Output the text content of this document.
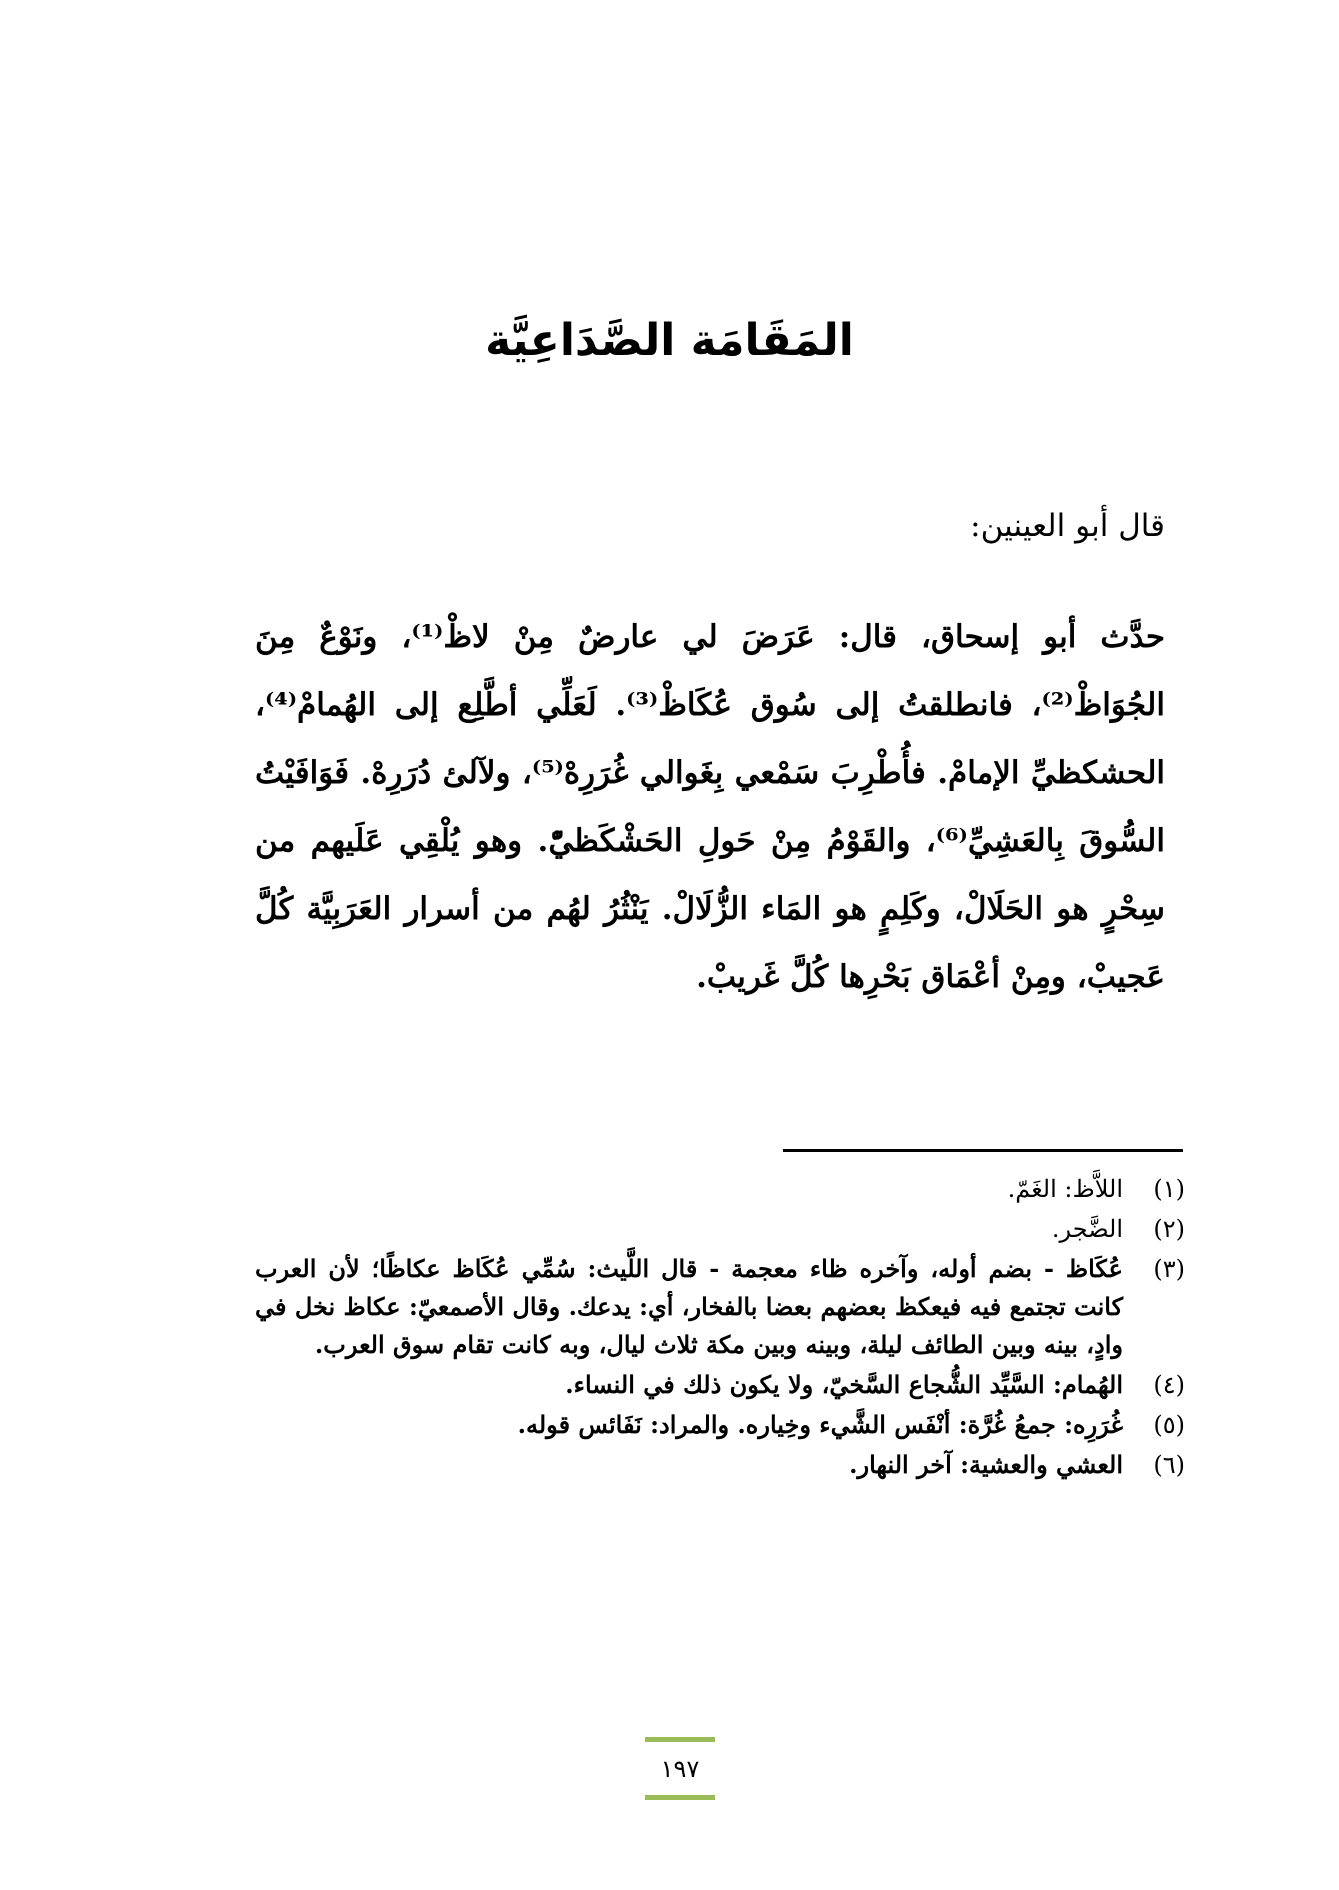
المَقَامَة الصَّدَاعِيَّة

قال أبو العينين:

حدَّث أبو إسحاق، قال: عَرَضَ لي عارضٌ مِنْ لاظْ⁽¹⁾، ونَوْعٌ مِنَ الجُوَاظْ⁽²⁾، فانطلقتُ إلى سُوق عُكَاظْ⁽³⁾. لَعَلِّي أطَّلِع إلى الهُمامْ⁽⁴⁾، الحشكظيِّ الإمامْ. فأُطْرِبَ سَمْعي بِغَوالي غُرَرِهْ⁽⁵⁾، ولآلئ دُرَرِهْ. فَوَافَيْتُ السُّوقَ بِالعَشِيِّ⁽⁶⁾، والقَوْمُ مِنْ حَولِ الحَشْكَظيّْ. وهو يُلْقِي عَلَيهم من سِحْرٍ هو الحَلَالْ، وكَلِمٍ هو المَاء الزُّلَالْ. يَنْثُرُ لهُم من أسرار العَرَبِيَّة كُلَّ عَجيبْ، ومِنْ أعْمَاق بَحْرِها كُلَّ غَريبْ.

(١)
اللاَّظ: الغَمّ.
(٢)
الضَّجر.
(٣)
عُكَاظ - بضم أوله، وآخره ظاء معجمة - قال اللَّيث: سُمِّي عُكَاظ عكاظًا؛ لأن العرب كانت تجتمع فيه فيعكظ بعضهم بعضا بالفخار، أي: يدعك. وقال الأصمعيّ: عكاظ نخل في وادٍ، بينه وبين الطائف ليلة، وبينه وبين مكة ثلاث ليال، وبه كانت تقام سوق العرب.
(٤)
الهُمام: السَّيِّد الشُّجاع السَّخيّ، ولا يكون ذلك في النساء.
(٥)
غُرَرِه: جمعُ غُرَّة: أنْفَس الشَّيء وخِياره. والمراد: نَفَائس قوله.
(٦)
العشي والعشية: آخر النهار.
١٩٧
